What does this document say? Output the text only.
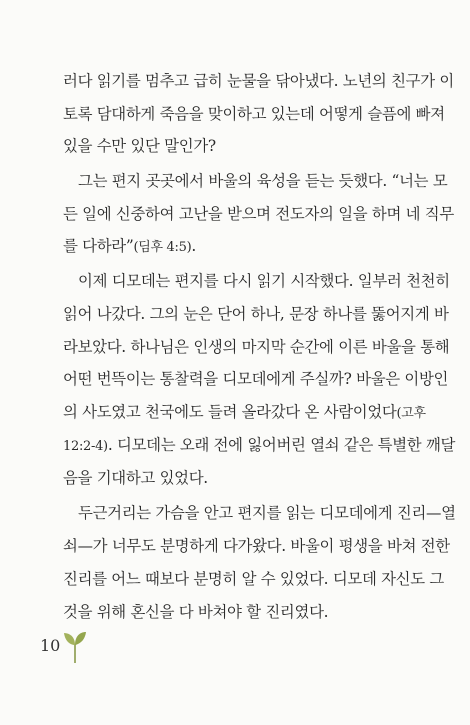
러다 읽기를 멈추고 급히 눈물을 닦아냈다. 노년의 친구가 이
토록 담대하게 죽음을 맞이하고 있는데 어떻게 슬픔에 빠져
있을 수만 있단 말인가?
그는 편지 곳곳에서 바울의 육성을 듣는 듯했다. “너는 모
든 일에 신중하여 고난을 받으며 전도자의 일을 하며 네 직무
를 다하라”(딤후 4:5).
이제 디모데는 편지를 다시 읽기 시작했다. 일부러 천천히
읽어 나갔다. 그의 눈은 단어 하나, 문장 하나를 뚫어지게 바
라보았다. 하나님은 인생의 마지막 순간에 이른 바울을 통해
어떤 번뜩이는 통찰력을 디모데에게 주실까? 바울은 이방인
의 사도였고 천국에도 들려 올라갔다 온 사람이었다(고후
12:2-4). 디모데는 오래 전에 잃어버린 열쇠 같은 특별한 깨달
음을 기대하고 있었다.
두근거리는 가슴을 안고 편지를 읽는 디모데에게 진리—열
쇠—가 너무도 분명하게 다가왔다. 바울이 평생을 바쳐 전한
진리를 어느 때보다 분명히 알 수 있었다. 디모데 자신도 그
것을 위해 혼신을 다 바쳐야 할 진리였다.
10
